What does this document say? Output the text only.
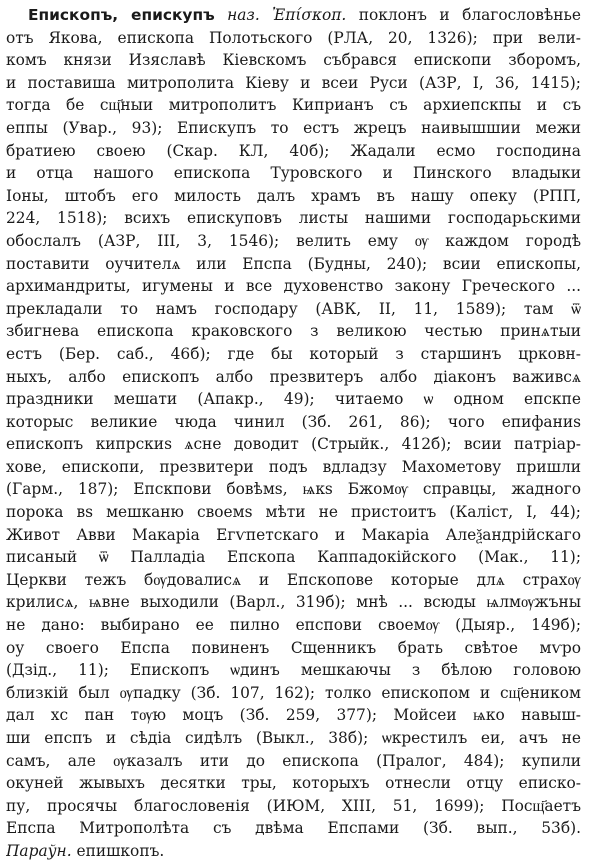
Епископъ, епискупъ наз. Ἐπίσκοπ. поклонъ и благословѣнье
отъ Якова, епископа Полотьского (РЛА, 20, 1326); при вели-
комъ князи Изяславѣ Кіевскомъ събрався епископи зборомъ,
и поставиша митрополита Кіеву и всеи Руси (АЗР, І, 36, 1415);
тогда бе сщ҃ныи митрополитъ Киприанъ съ архиепскпы и съ
еппы (Увар., 93); Епискупъ то естъ жрецъ наивышшии межи
братиею своею (Скар. КЛ, 40б); Жадали есмо господина
и отца нашого епископа Туровского и Пинского владыки
Іоны, штобъ его милость далъ храмъ въ нашу опеку (РПП,
224, 1518); всихъ епискуповъ листы нашими господарьскими
обослалъ (АЗР, ІІІ, 3, 1546); велить ему ѹ каждом городѣ
поставити оучителѧ или Епспа (Будны, 240); всии епископы,
архимандриты, игумены и все духовенство закону Греческого ...
прекладали то намъ господару (АВК, ІІ, 11, 1589); там ѿ
збигнева епископа краковского з великою честью принѧтыи
естъ (Бер. саб., 46б); где бы который з старшинъ црковн-
ныхъ, албо епископъ албо презвитеръ албо діаконъ важивсѧ
праздники мешати (Апакр., 49); читаемо ѡ одном епскпе
которыс великие чюда чинил (Зб. 261, 86); чого епифаниѕ
епископъ кипрскиѕ ѧсне доводит (Стрыйк., 412б); всии патріар-
хове, епископи, презвитери подъ вдладзу Махометову пришли
(Гарм., 187); Епскпови бовѣмѕ, ѩкѕ Бжомѹ справцы, жадного
порока вѕ мешканю своемѕ мѣти не пристоитъ (Каліст, І, 44);
Живот Авви Макаріа Егѵпетскаго и Макаріа Алеѯандрійскаго
писаный ѿ Палладіа Епскопа Каппадокійского (Мак., 11);
Церкви тежъ бѹдовалисѧ и Епскопове которые длѧ страхѹ
крилисѧ, ѩвне выходили (Варл., 319б); мнѣ ... всюды ѩлмѹжъны
не дано: выбирано ее пилно епспови своемѹ (Дыяр., 149б);
оу своего Епспа повиненъ Сщенникъ брать свѣтое мѵро
(Дзід., 11); Епископъ ѡдинъ мешкаючы з бѣлою головою
близкій был ѹпадку (Зб. 107, 162); толко епископом и сщ҃еником
дал хс пан тѹю моцъ (Зб. 259, 377); Мойсеи ѩко навыш-
ши епспъ и сѣдіа сидѣлъ (Выкл., 38б); ѡкрестилъ еи, ачъ не
самъ, але ѹказалъ ити до епископа (Пралог, 484); купили
окуней жывыхъ десятки тры, которыхъ отнесли отцу еписко-
пу, просячы благословенія (ИЮМ, ХІІІ, 51, 1699); Посщ҃аетъ
Епспа Митрополѣта съ двѣма Епспами (Зб. вып., 53б).
Параўн. епишкопъ.
